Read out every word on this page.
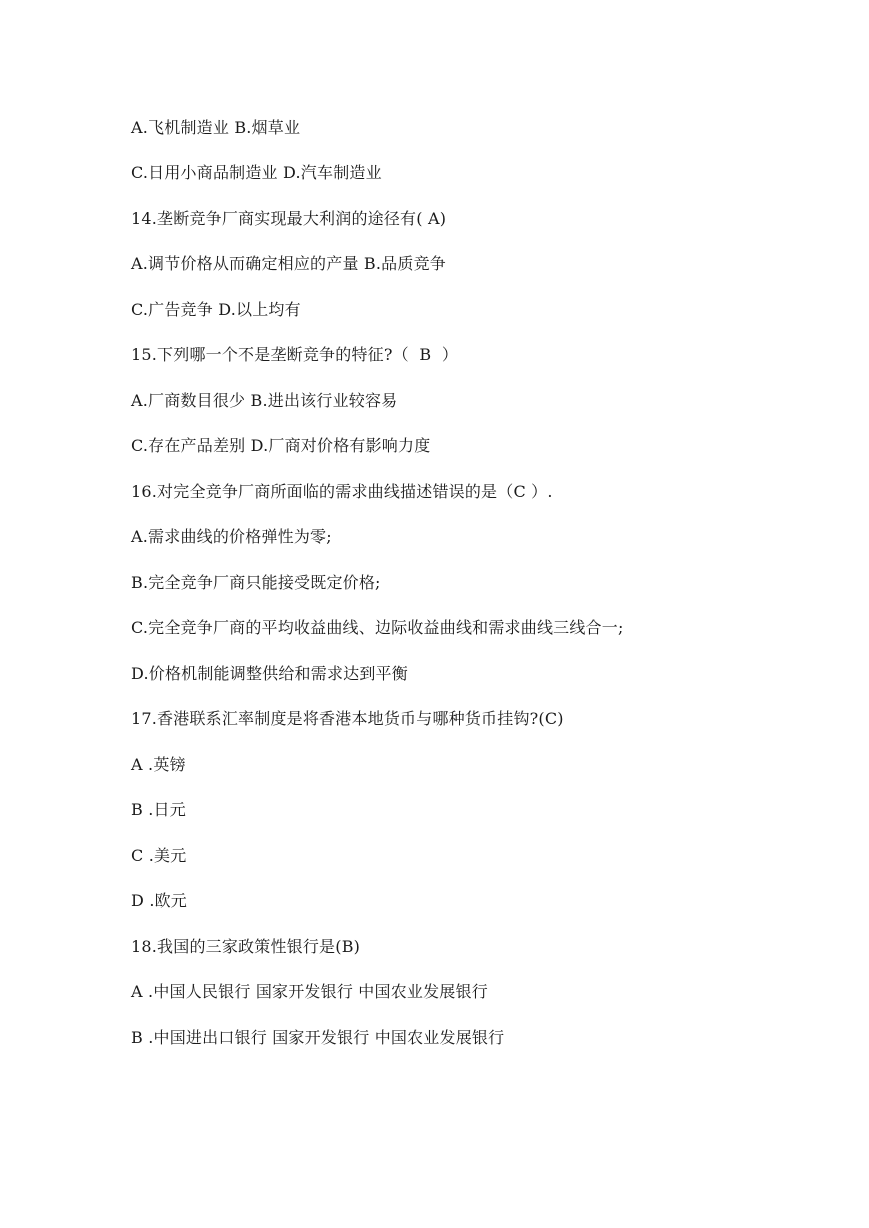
A.飞机制造业 B.烟草业
C.日用小商品制造业 D.汽车制造业
14.垄断竞争厂商实现最大利润的途径有( A)
A.调节价格从而确定相应的产量 B.品质竞争
C.广告竞争 D.以上均有
15.下列哪一个不是垄断竞争的特征?（  B  ）
A.厂商数目很少 B.进出该行业较容易
C.存在产品差别 D.厂商对价格有影响力度
16.对完全竞争厂商所面临的需求曲线描述错误的是（C ）.
A.需求曲线的价格弹性为零;
B.完全竞争厂商只能接受既定价格;
C.完全竞争厂商的平均收益曲线、边际收益曲线和需求曲线三线合一;
D.价格机制能调整供给和需求达到平衡
17.香港联系汇率制度是将香港本地货币与哪种货币挂钩?(C)
A .英镑
B .日元
C .美元
D .欧元
18.我国的三家政策性银行是(B)
A .中国人民银行 国家开发银行 中国农业发展银行
B .中国进出口银行 国家开发银行 中国农业发展银行
